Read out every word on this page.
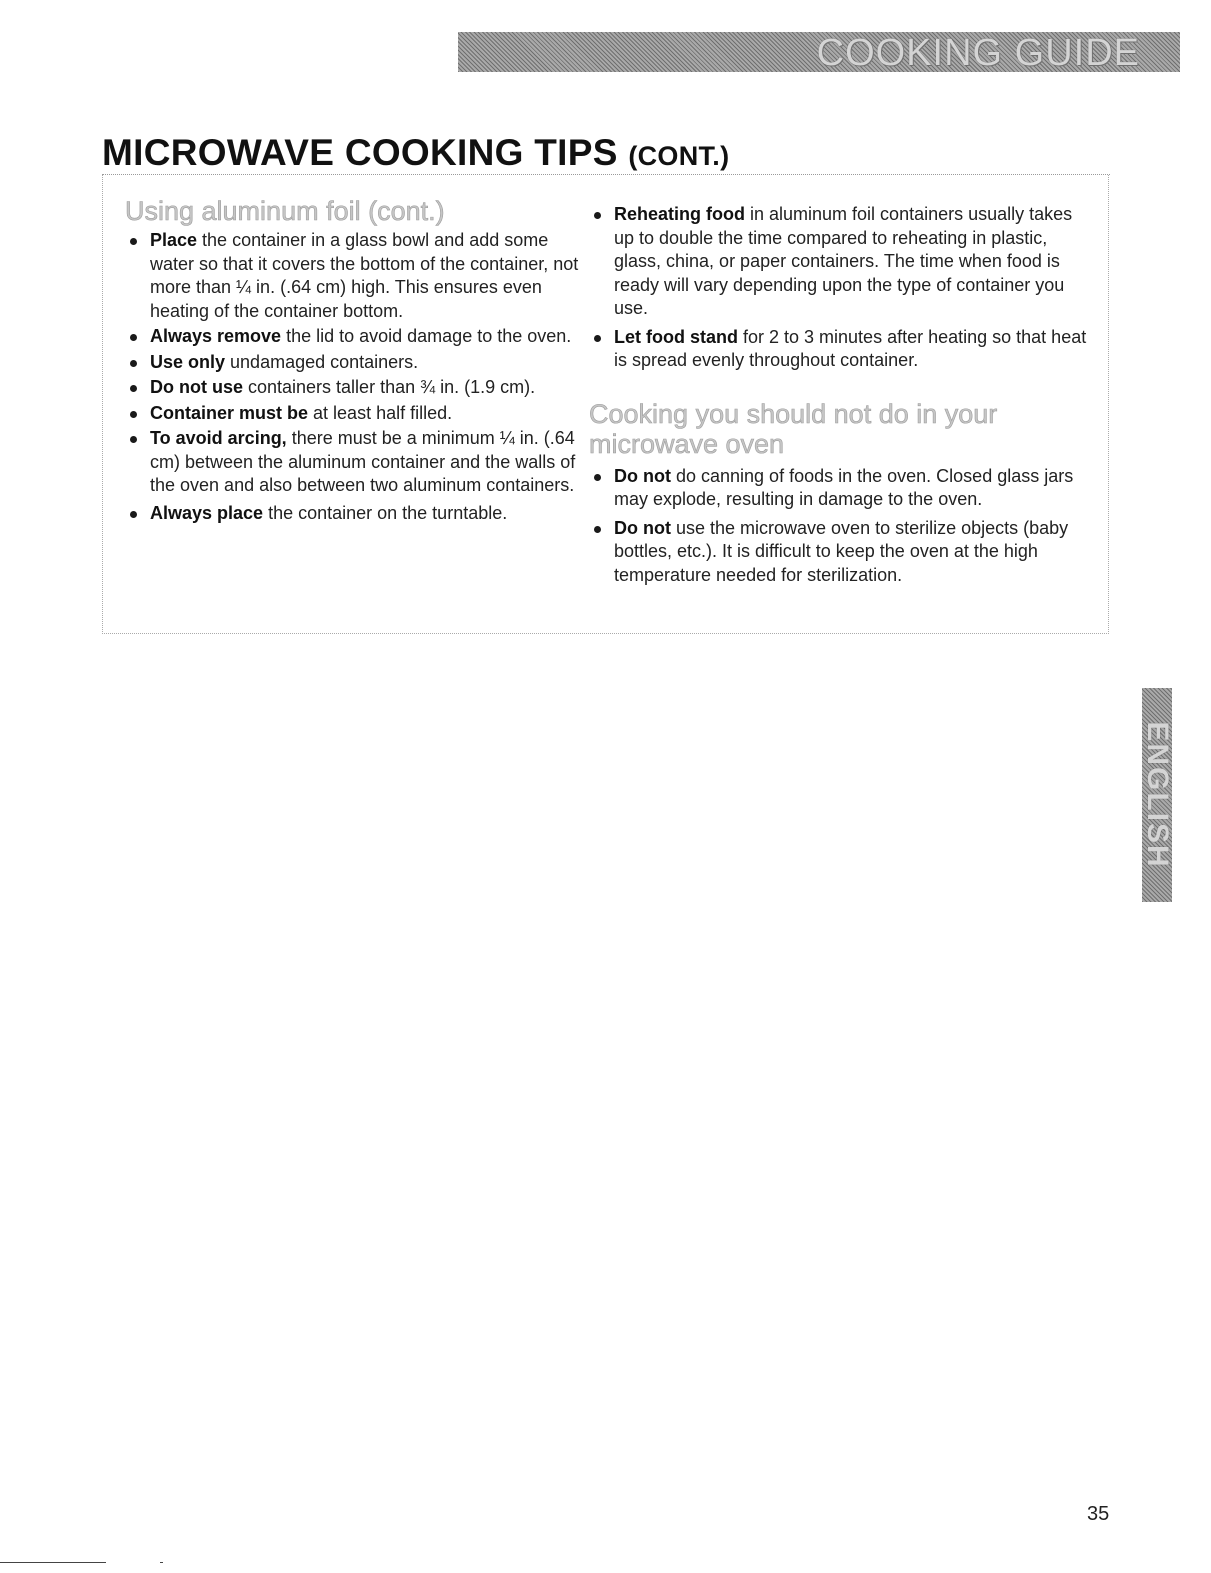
COOKING GUIDE
MICROWAVE COOKING TIPS (CONT.)
Using aluminum foil (cont.)
Place the container in a glass bowl and add some water so that it covers the bottom of the container, not more than ¼ in. (.64 cm) high. This ensures even heating of the container bottom.
Always remove the lid to avoid damage to the oven.
Use only undamaged containers.
Do not use containers taller than ¾ in. (1.9 cm).
Container must be at least half filled.
To avoid arcing, there must be a minimum ¼ in. (.64 cm) between the aluminum container and the walls of the oven and also between two aluminum containers.
Always place the container on the turntable.
Reheating food in aluminum foil containers usually takes up to double the time compared to reheating in plastic, glass, china, or paper containers. The time when food is ready will vary depending upon the type of container you use.
Let food stand for 2 to 3 minutes after heating so that heat is spread evenly throughout container.
Cooking you should not do in your microwave oven
Do not do canning of foods in the oven. Closed glass jars may explode, resulting in damage to the oven.
Do not use the microwave oven to sterilize objects (baby bottles, etc.). It is difficult to keep the oven at the high temperature needed for sterilization.
ENGLISH
35
